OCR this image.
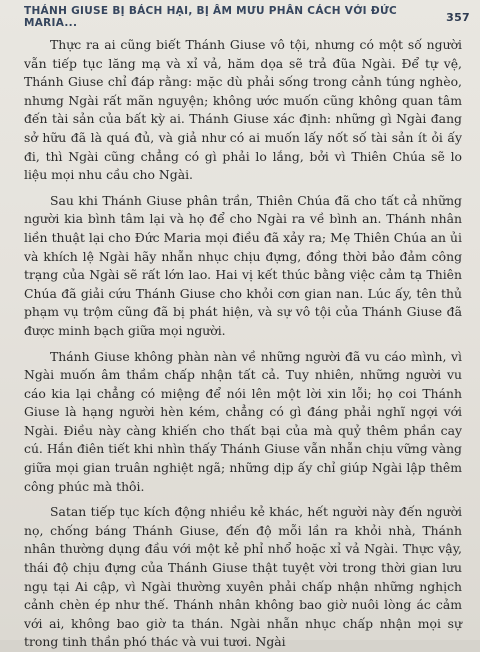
THÁNH GIUSE BỊ BÁCH HẠI, BỊ ÂM MƯU PHÂN CÁCH VỚI ĐỨC MARIA...	357

Thực ra ai cũng biết Thánh Giuse vô tội, nhưng có một số người vẫn tiếp tục lăng mạ và xỉ vả, hăm dọa sẽ trả đũa Ngài. Để tự vệ, Thánh Giuse chỉ đáp rằng: mặc dù phải sống trong cảnh túng nghèo, nhưng Ngài rất mãn nguyện; không ước muốn cũng không quan tâm đến tài sản của bất kỳ ai. Thánh Giuse xác định: những gì Ngài đang sở hữu đã là quá đủ, và giả như có ai muốn lấy nốt số tài sản ít ỏi ấy đi, thì Ngài cũng chẳng có gì phải lo lắng, bởi vì Thiên Chúa sẽ lo liệu mọi nhu cầu cho Ngài.

Sau khi Thánh Giuse phân trần, Thiên Chúa đã cho tất cả những người kia bình tâm lại và họ để cho Ngài ra về bình an. Thánh nhân liền thuật lại cho Đức Maria mọi điều đã xảy ra; Mẹ Thiên Chúa an ủi và khích lệ Ngài hãy nhẫn nhục chịu đựng, đồng thời bảo đảm công trạng của Ngài sẽ rất lớn lao. Hai vị kết thúc bằng việc cảm tạ Thiên Chúa đã giải cứu Thánh Giuse cho khỏi cơn gian nan. Lúc ấy, tên thủ phạm vụ trộm cũng đã bị phát hiện, và sự vô tội của Thánh Giuse đã được minh bạch giữa mọi người.

Thánh Giuse không phàn nàn về những người đã vu cáo mình, vì Ngài muốn âm thầm chấp nhận tất cả. Tuy nhiên, những người vu cáo kia lại chẳng có miệng để nói lên một lời xin lỗi; họ coi Thánh Giuse là hạng người hèn kém, chẳng có gì đáng phải nghĩ ngợi với Ngài. Điều này càng khiến cho thất bại của mà quỷ thêm phần cay cú. Hắn điên tiết khi nhìn thấy Thánh Giuse vẫn nhẫn chịu vững vàng giữa mọi gian truân nghiệt ngã; những dịp ấy chỉ giúp Ngài lập thêm công phúc mà thôi.

Satan tiếp tục kích động nhiều kẻ khác, hết người này đến người nọ, chống báng Thánh Giuse, đến độ mỗi lần ra khỏi nhà, Thánh nhân thường dụng đầu với một kẻ phỉ nhổ hoặc xỉ vả Ngài. Thực vậy, thái độ chịu đựng của Thánh Giuse thật tuyệt vời trong thời gian lưu ngụ tại Ai cập, vì Ngài thường xuyên phải chấp nhận những nghịch cảnh chèn ép như thế. Thánh nhân không bao giờ nuôi lòng ác cảm với ai, không bao giờ ta thán. Ngài nhẫn nhục chấp nhận mọi sự trong tinh thần phó thác và vui tươi. Ngài
